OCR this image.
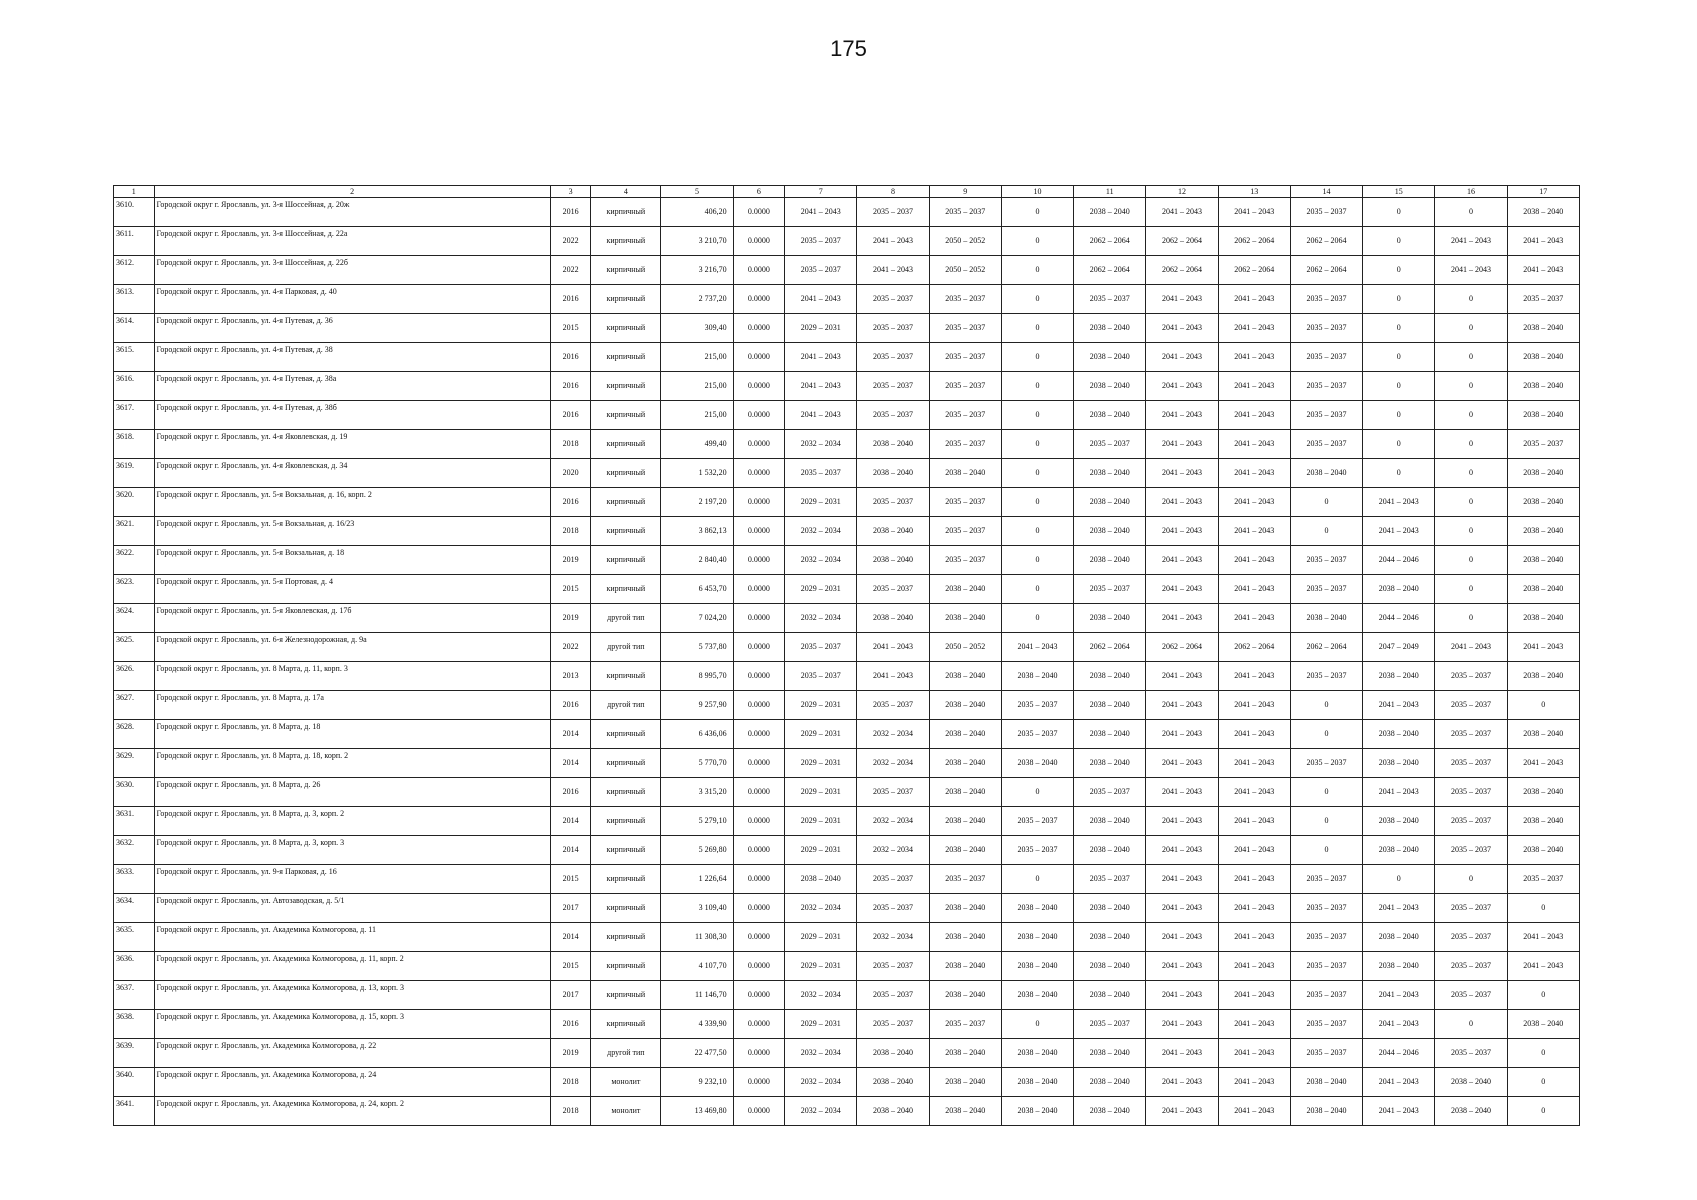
175
1	2	3	4	5	6	7	8	9	10	11	12	13	14	15	16	17
3610.	Городской округ г. Ярославль, ул. 3-я Шоссейная, д. 20ж	2016	кирпичный	406,20	0.0000	2041 – 2043	2035 – 2037	2035 – 2037	0	2038 – 2040	2041 – 2043	2041 – 2043	2035 – 2037	0	0	2038 – 2040
3611.	Городской округ г. Ярославль, ул. 3-я Шоссейная, д. 22а	2022	кирпичный	3 210,70	0.0000	2035 – 2037	2041 – 2043	2050 – 2052	0	2062 – 2064	2062 – 2064	2062 – 2064	2062 – 2064	0	2041 – 2043	2041 – 2043
3612.	Городской округ г. Ярославль, ул. 3-я Шоссейная, д. 22б	2022	кирпичный	3 216,70	0.0000	2035 – 2037	2041 – 2043	2050 – 2052	0	2062 – 2064	2062 – 2064	2062 – 2064	2062 – 2064	0	2041 – 2043	2041 – 2043
3613.	Городской округ г. Ярославль, ул. 4-я Парковая, д. 40	2016	кирпичный	2 737,20	0.0000	2041 – 2043	2035 – 2037	2035 – 2037	0	2035 – 2037	2041 – 2043	2041 – 2043	2035 – 2037	0	0	2035 – 2037
3614.	Городской округ г. Ярославль, ул. 4-я Путевая, д. 36	2015	кирпичный	309,40	0.0000	2029 – 2031	2035 – 2037	2035 – 2037	0	2038 – 2040	2041 – 2043	2041 – 2043	2035 – 2037	0	0	2038 – 2040
3615.	Городской округ г. Ярославль, ул. 4-я Путевая, д. 38	2016	кирпичный	215,00	0.0000	2041 – 2043	2035 – 2037	2035 – 2037	0	2038 – 2040	2041 – 2043	2041 – 2043	2035 – 2037	0	0	2038 – 2040
3616.	Городской округ г. Ярославль, ул. 4-я Путевая, д. 38а	2016	кирпичный	215,00	0.0000	2041 – 2043	2035 – 2037	2035 – 2037	0	2038 – 2040	2041 – 2043	2041 – 2043	2035 – 2037	0	0	2038 – 2040
3617.	Городской округ г. Ярославль, ул. 4-я Путевая, д. 38б	2016	кирпичный	215,00	0.0000	2041 – 2043	2035 – 2037	2035 – 2037	0	2038 – 2040	2041 – 2043	2041 – 2043	2035 – 2037	0	0	2038 – 2040
3618.	Городской округ г. Ярославль, ул. 4-я Яковлевская, д. 19	2018	кирпичный	499,40	0.0000	2032 – 2034	2038 – 2040	2035 – 2037	0	2035 – 2037	2041 – 2043	2041 – 2043	2035 – 2037	0	0	2035 – 2037
3619.	Городской округ г. Ярославль, ул. 4-я Яковлевская, д. 34	2020	кирпичный	1 532,20	0.0000	2035 – 2037	2038 – 2040	2038 – 2040	0	2038 – 2040	2041 – 2043	2041 – 2043	2038 – 2040	0	0	2038 – 2040
3620.	Городской округ г. Ярославль, ул. 5-я Вокзальная, д. 16, корп. 2	2016	кирпичный	2 197,20	0.0000	2029 – 2031	2035 – 2037	2035 – 2037	0	2038 – 2040	2041 – 2043	2041 – 2043	0	2041 – 2043	0	2038 – 2040
3621.	Городской округ г. Ярославль, ул. 5-я Вокзальная, д. 16/23	2018	кирпичный	3 862,13	0.0000	2032 – 2034	2038 – 2040	2035 – 2037	0	2038 – 2040	2041 – 2043	2041 – 2043	0	2041 – 2043	0	2038 – 2040
3622.	Городской округ г. Ярославль, ул. 5-я Вокзальная, д. 18	2019	кирпичный	2 840,40	0.0000	2032 – 2034	2038 – 2040	2035 – 2037	0	2038 – 2040	2041 – 2043	2041 – 2043	2035 – 2037	2044 – 2046	0	2038 – 2040
3623.	Городской округ г. Ярославль, ул. 5-я Портовая, д. 4	2015	кирпичный	6 453,70	0.0000	2029 – 2031	2035 – 2037	2038 – 2040	0	2035 – 2037	2041 – 2043	2041 – 2043	2035 – 2037	2038 – 2040	0	2038 – 2040
3624.	Городской округ г. Ярославль, ул. 5-я Яковлевская, д. 17б	2019	другой тип	7 024,20	0.0000	2032 – 2034	2038 – 2040	2038 – 2040	0	2038 – 2040	2041 – 2043	2041 – 2043	2038 – 2040	2044 – 2046	0	2038 – 2040
3625.	Городской округ г. Ярославль, ул. 6-я Железнодорожная, д. 9а	2022	другой тип	5 737,80	0.0000	2035 – 2037	2041 – 2043	2050 – 2052	2041 – 2043	2062 – 2064	2062 – 2064	2062 – 2064	2062 – 2064	2047 – 2049	2041 – 2043	2041 – 2043
3626.	Городской округ г. Ярославль, ул. 8 Марта, д. 11, корп. 3	2013	кирпичный	8 995,70	0.0000	2035 – 2037	2041 – 2043	2038 – 2040	2038 – 2040	2038 – 2040	2041 – 2043	2041 – 2043	2035 – 2037	2038 – 2040	2035 – 2037	2038 – 2040
3627.	Городской округ г. Ярославль, ул. 8 Марта, д. 17а	2016	другой тип	9 257,90	0.0000	2029 – 2031	2035 – 2037	2038 – 2040	2035 – 2037	2038 – 2040	2041 – 2043	2041 – 2043	0	2041 – 2043	2035 – 2037	0
3628.	Городской округ г. Ярославль, ул. 8 Марта, д. 18	2014	кирпичный	6 436,06	0.0000	2029 – 2031	2032 – 2034	2038 – 2040	2035 – 2037	2038 – 2040	2041 – 2043	2041 – 2043	0	2038 – 2040	2035 – 2037	2038 – 2040
3629.	Городской округ г. Ярославль, ул. 8 Марта, д. 18, корп. 2	2014	кирпичный	5 770,70	0.0000	2029 – 2031	2032 – 2034	2038 – 2040	2038 – 2040	2038 – 2040	2041 – 2043	2041 – 2043	2035 – 2037	2038 – 2040	2035 – 2037	2041 – 2043
3630.	Городской округ г. Ярославль, ул. 8 Марта, д. 26	2016	кирпичный	3 315,20	0.0000	2029 – 2031	2035 – 2037	2038 – 2040	0	2035 – 2037	2041 – 2043	2041 – 2043	0	2041 – 2043	2035 – 2037	2038 – 2040
3631.	Городской округ г. Ярославль, ул. 8 Марта, д. 3, корп. 2	2014	кирпичный	5 279,10	0.0000	2029 – 2031	2032 – 2034	2038 – 2040	2035 – 2037	2038 – 2040	2041 – 2043	2041 – 2043	0	2038 – 2040	2035 – 2037	2038 – 2040
3632.	Городской округ г. Ярославль, ул. 8 Марта, д. 3, корп. 3	2014	кирпичный	5 269,80	0.0000	2029 – 2031	2032 – 2034	2038 – 2040	2035 – 2037	2038 – 2040	2041 – 2043	2041 – 2043	0	2038 – 2040	2035 – 2037	2038 – 2040
3633.	Городской округ г. Ярославль, ул. 9-я Парковая, д. 16	2015	кирпичный	1 226,64	0.0000	2038 – 2040	2035 – 2037	2035 – 2037	0	2035 – 2037	2041 – 2043	2041 – 2043	2035 – 2037	0	0	2035 – 2037
3634.	Городской округ г. Ярославль, ул. Автозаводская, д. 5/1	2017	кирпичный	3 109,40	0.0000	2032 – 2034	2035 – 2037	2038 – 2040	2038 – 2040	2038 – 2040	2041 – 2043	2041 – 2043	2035 – 2037	2041 – 2043	2035 – 2037	0
3635.	Городской округ г. Ярославль, ул. Академика Колмогорова, д. 11	2014	кирпичный	11 308,30	0.0000	2029 – 2031	2032 – 2034	2038 – 2040	2038 – 2040	2038 – 2040	2041 – 2043	2041 – 2043	2035 – 2037	2038 – 2040	2035 – 2037	2041 – 2043
3636.	Городской округ г. Ярославль, ул. Академика Колмогорова, д. 11, корп. 2	2015	кирпичный	4 107,70	0.0000	2029 – 2031	2035 – 2037	2038 – 2040	2038 – 2040	2038 – 2040	2041 – 2043	2041 – 2043	2035 – 2037	2038 – 2040	2035 – 2037	2041 – 2043
3637.	Городской округ г. Ярославль, ул. Академика Колмогорова, д. 13, корп. 3	2017	кирпичный	11 146,70	0.0000	2032 – 2034	2035 – 2037	2038 – 2040	2038 – 2040	2038 – 2040	2041 – 2043	2041 – 2043	2035 – 2037	2041 – 2043	2035 – 2037	0
3638.	Городской округ г. Ярославль, ул. Академика Колмогорова, д. 15, корп. 3	2016	кирпичный	4 339,90	0.0000	2029 – 2031	2035 – 2037	2035 – 2037	0	2035 – 2037	2041 – 2043	2041 – 2043	2035 – 2037	2041 – 2043	0	2038 – 2040
3639.	Городской округ г. Ярославль, ул. Академика Колмогорова, д. 22	2019	другой тип	22 477,50	0.0000	2032 – 2034	2038 – 2040	2038 – 2040	2038 – 2040	2038 – 2040	2041 – 2043	2041 – 2043	2035 – 2037	2044 – 2046	2035 – 2037	0
3640.	Городской округ г. Ярославль, ул. Академика Колмогорова, д. 24	2018	монолит	9 232,10	0.0000	2032 – 2034	2038 – 2040	2038 – 2040	2038 – 2040	2038 – 2040	2041 – 2043	2041 – 2043	2038 – 2040	2041 – 2043	2038 – 2040	0
3641.	Городской округ г. Ярославль, ул. Академика Колмогорова, д. 24, корп. 2	2018	монолит	13 469,80	0.0000	2032 – 2034	2038 – 2040	2038 – 2040	2038 – 2040	2038 – 2040	2041 – 2043	2041 – 2043	2038 – 2040	2041 – 2043	2038 – 2040	0
